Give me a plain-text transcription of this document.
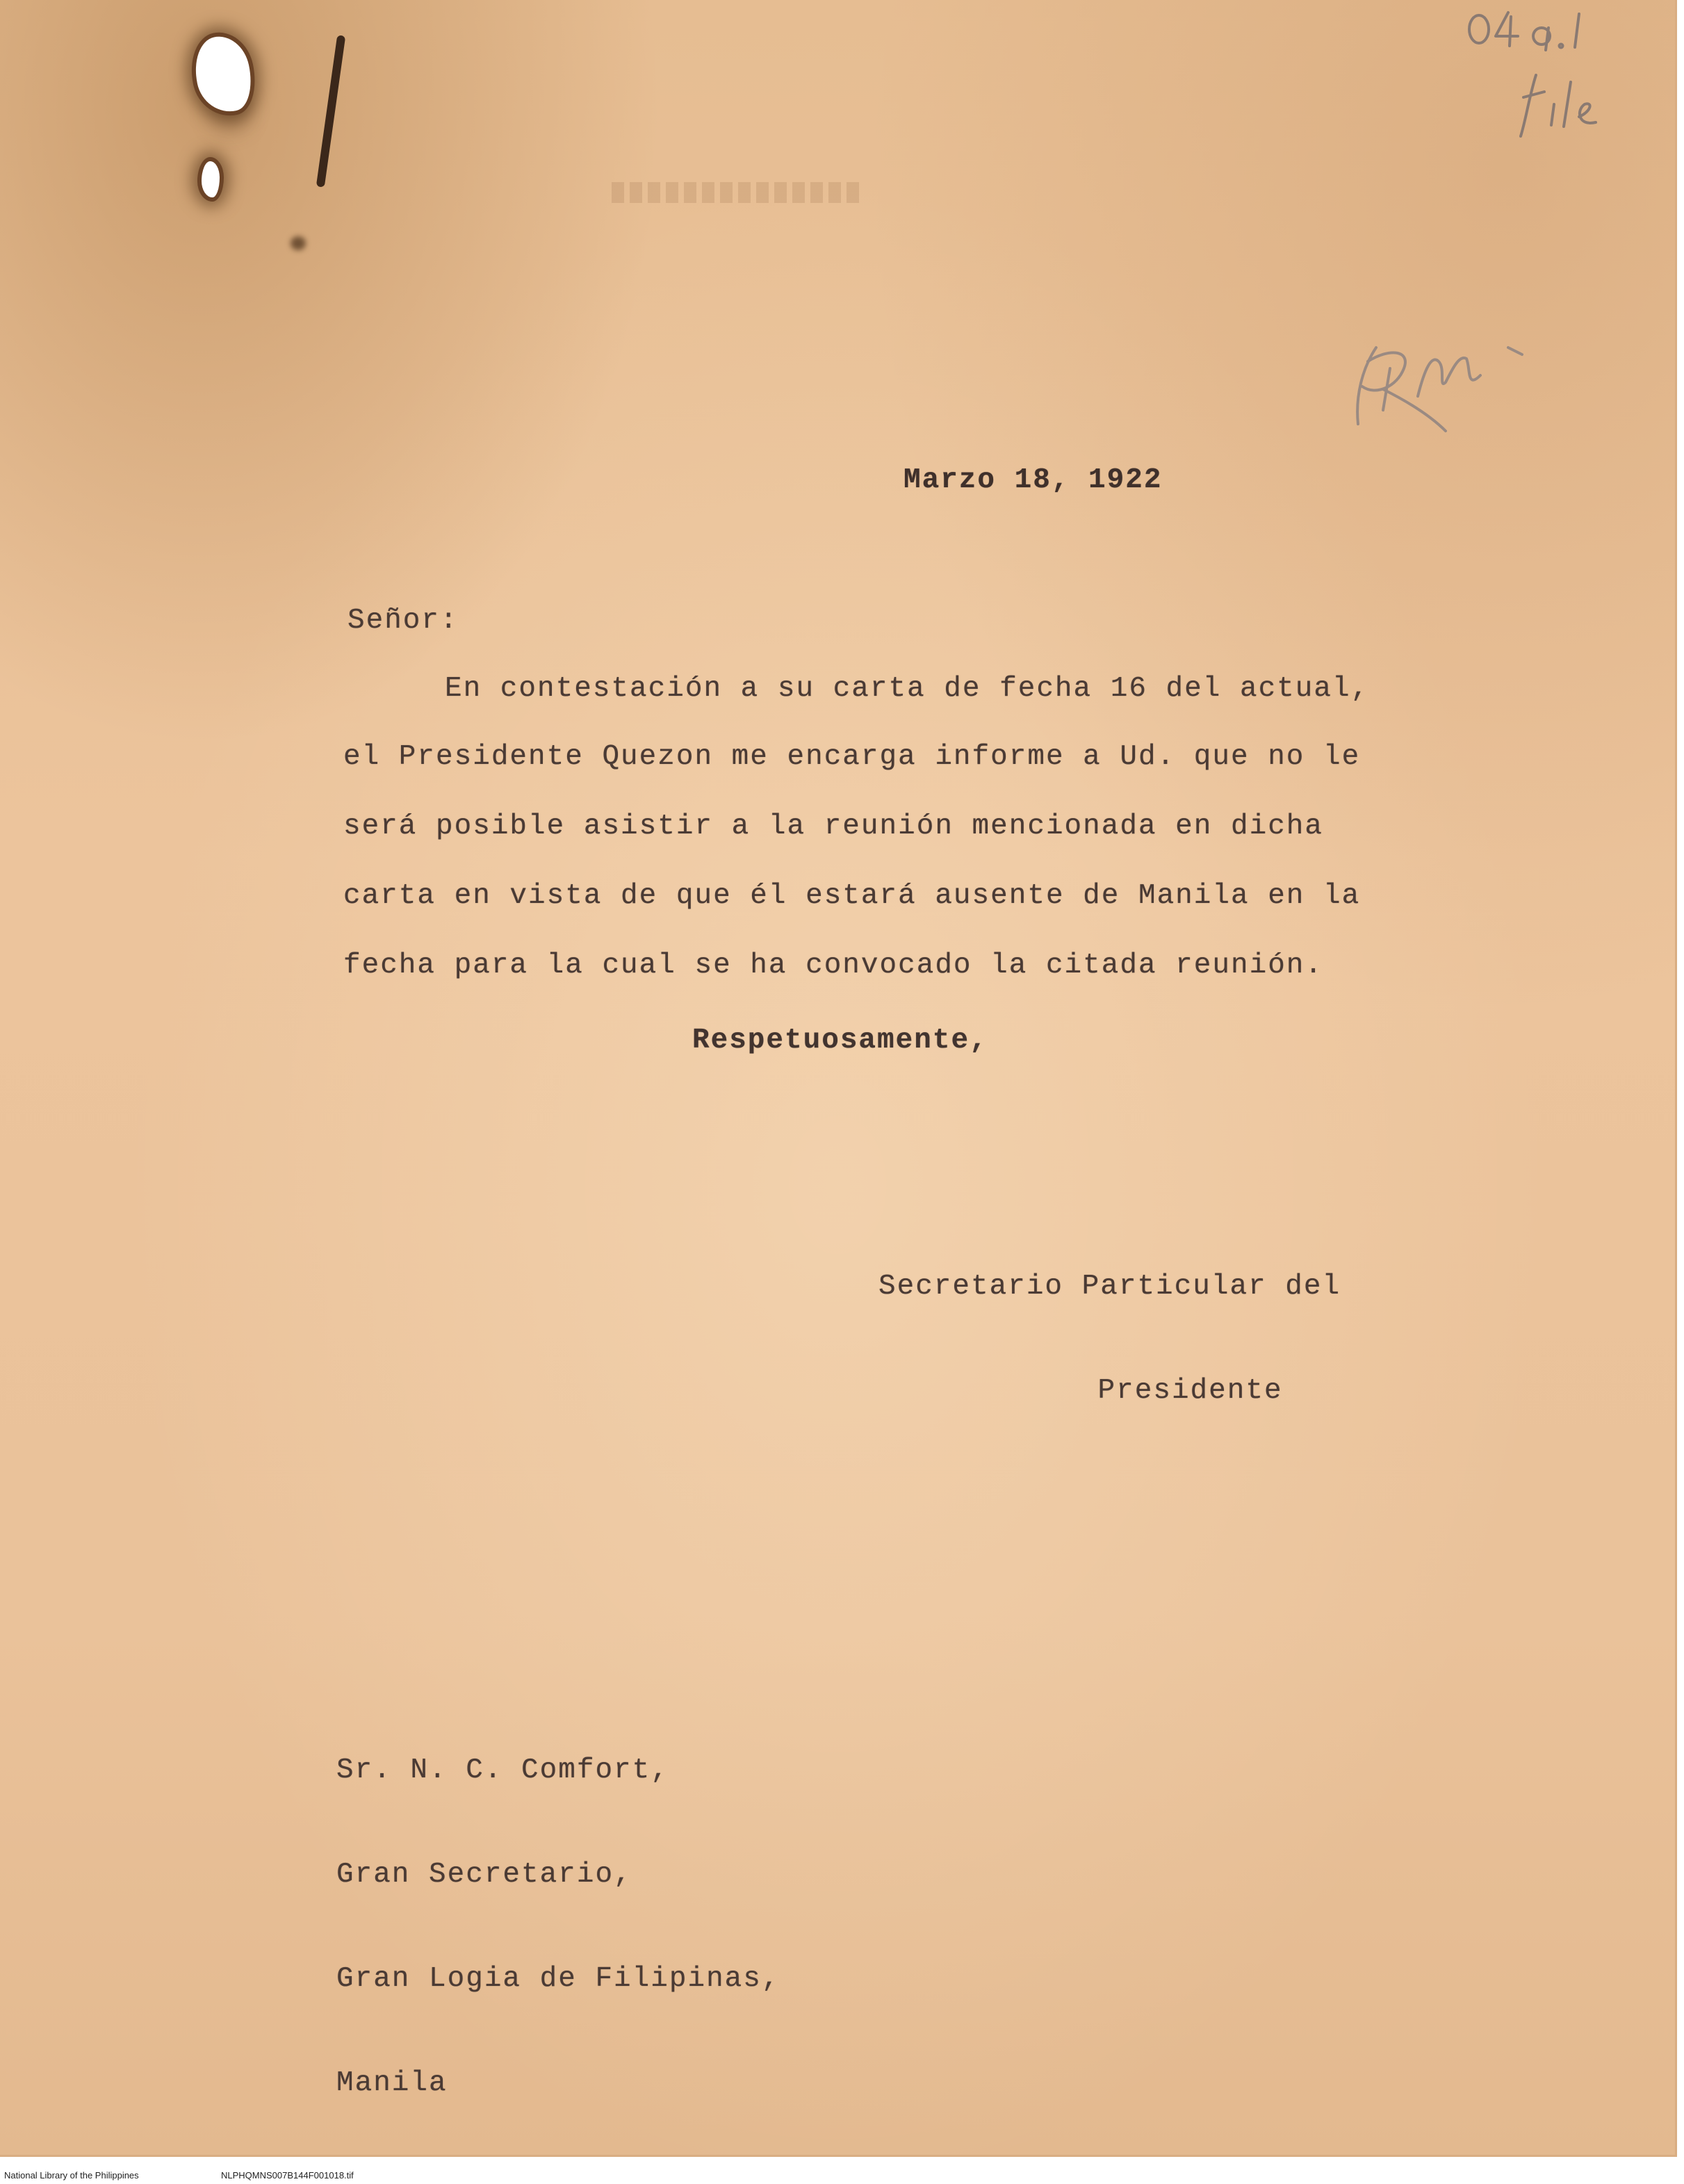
Marzo 18, 1922
Señor:
En contestación a su carta de fecha 16 del actual,
el Presidente Quezon me encarga informe a Ud. que no le
será posible asistir a la reunión mencionada en dicha
carta en vista de que él estará ausente de Manila en la
fecha para la cual se ha convocado la citada reunión.
Respetuosamente,

Secretario Particular del

Presidente

Sr. N. C. Comfort,

Gran Secretario,

Gran Logia de Filipinas,

Manila

National Library of the Philippines	NLPHQMNS007B144F001018.tif
